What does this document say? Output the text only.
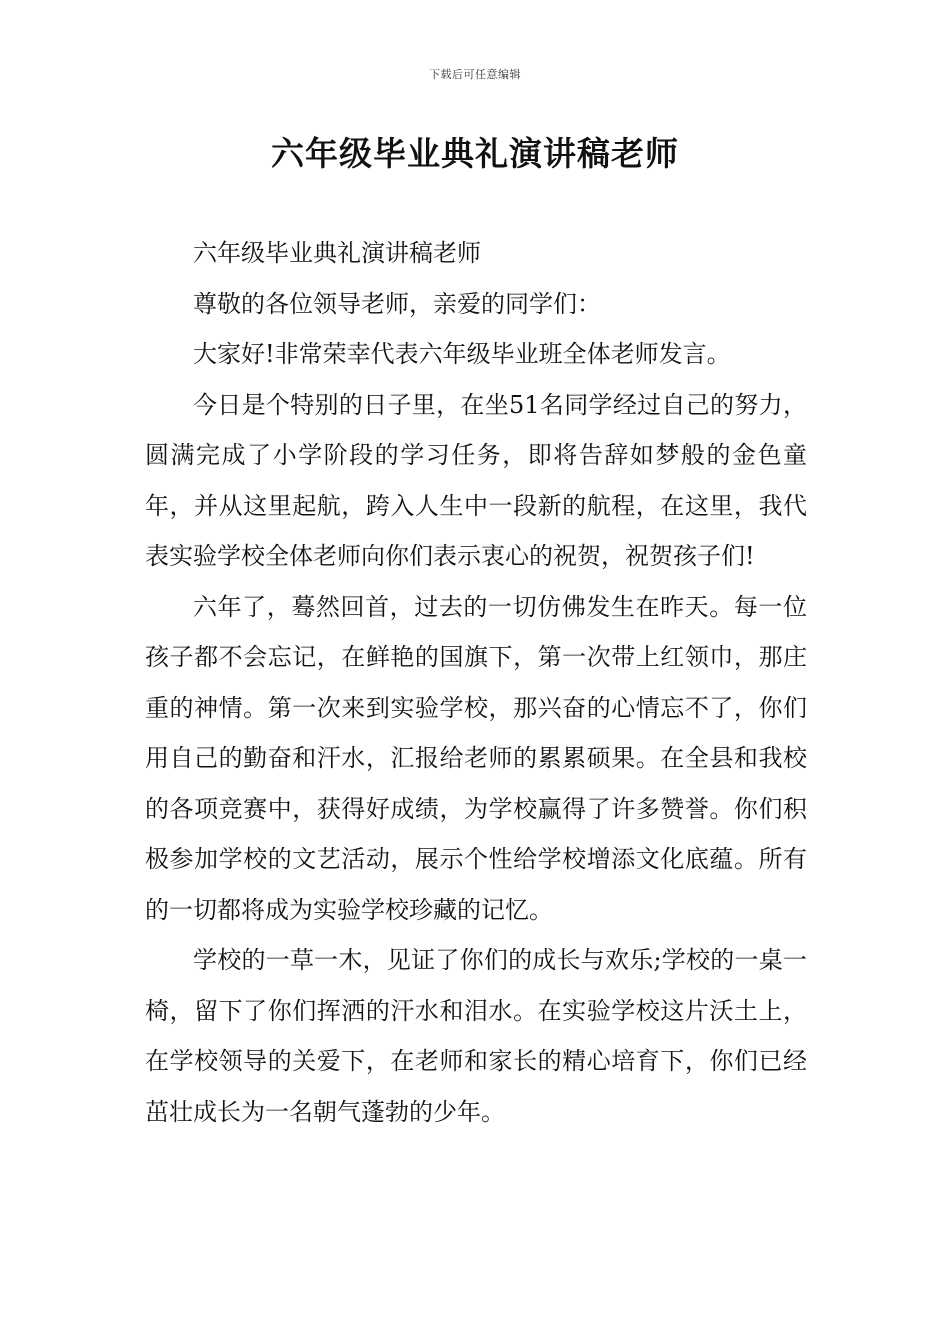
下载后可任意编辑
六年级毕业典礼演讲稿老师

六年级毕业典礼演讲稿老师

尊敬的各位领导老师，亲爱的同学们：

大家好!非常荣幸代表六年级毕业班全体老师发言。

今日是个特别的日子里，在坐51名同学经过自己的努力，圆满完成了小学阶段的学习任务，即将告辞如梦般的金色童年，并从这里起航，跨入人生中一段新的航程，在这里，我代表实验学校全体老师向你们表示衷心的祝贺，祝贺孩子们!

六年了，蓦然回首，过去的一切仿佛发生在昨天。每一位孩子都不会忘记，在鲜艳的国旗下，第一次带上红领巾，那庄重的神情。第一次来到实验学校，那兴奋的心情忘不了，你们用自己的勤奋和汗水，汇报给老师的累累硕果。在全县和我校的各项竞赛中，获得好成绩，为学校赢得了许多赞誉。你们积极参加学校的文艺活动，展示个性给学校增添文化底蕴。所有的一切都将成为实验学校珍藏的记忆。

学校的一草一木，见证了你们的成长与欢乐;学校的一桌一椅，留下了你们挥洒的汗水和泪水。在实验学校这片沃土上，在学校领导的关爱下，在老师和家长的精心培育下，你们已经茁壮成长为一名朝气蓬勃的少年。
